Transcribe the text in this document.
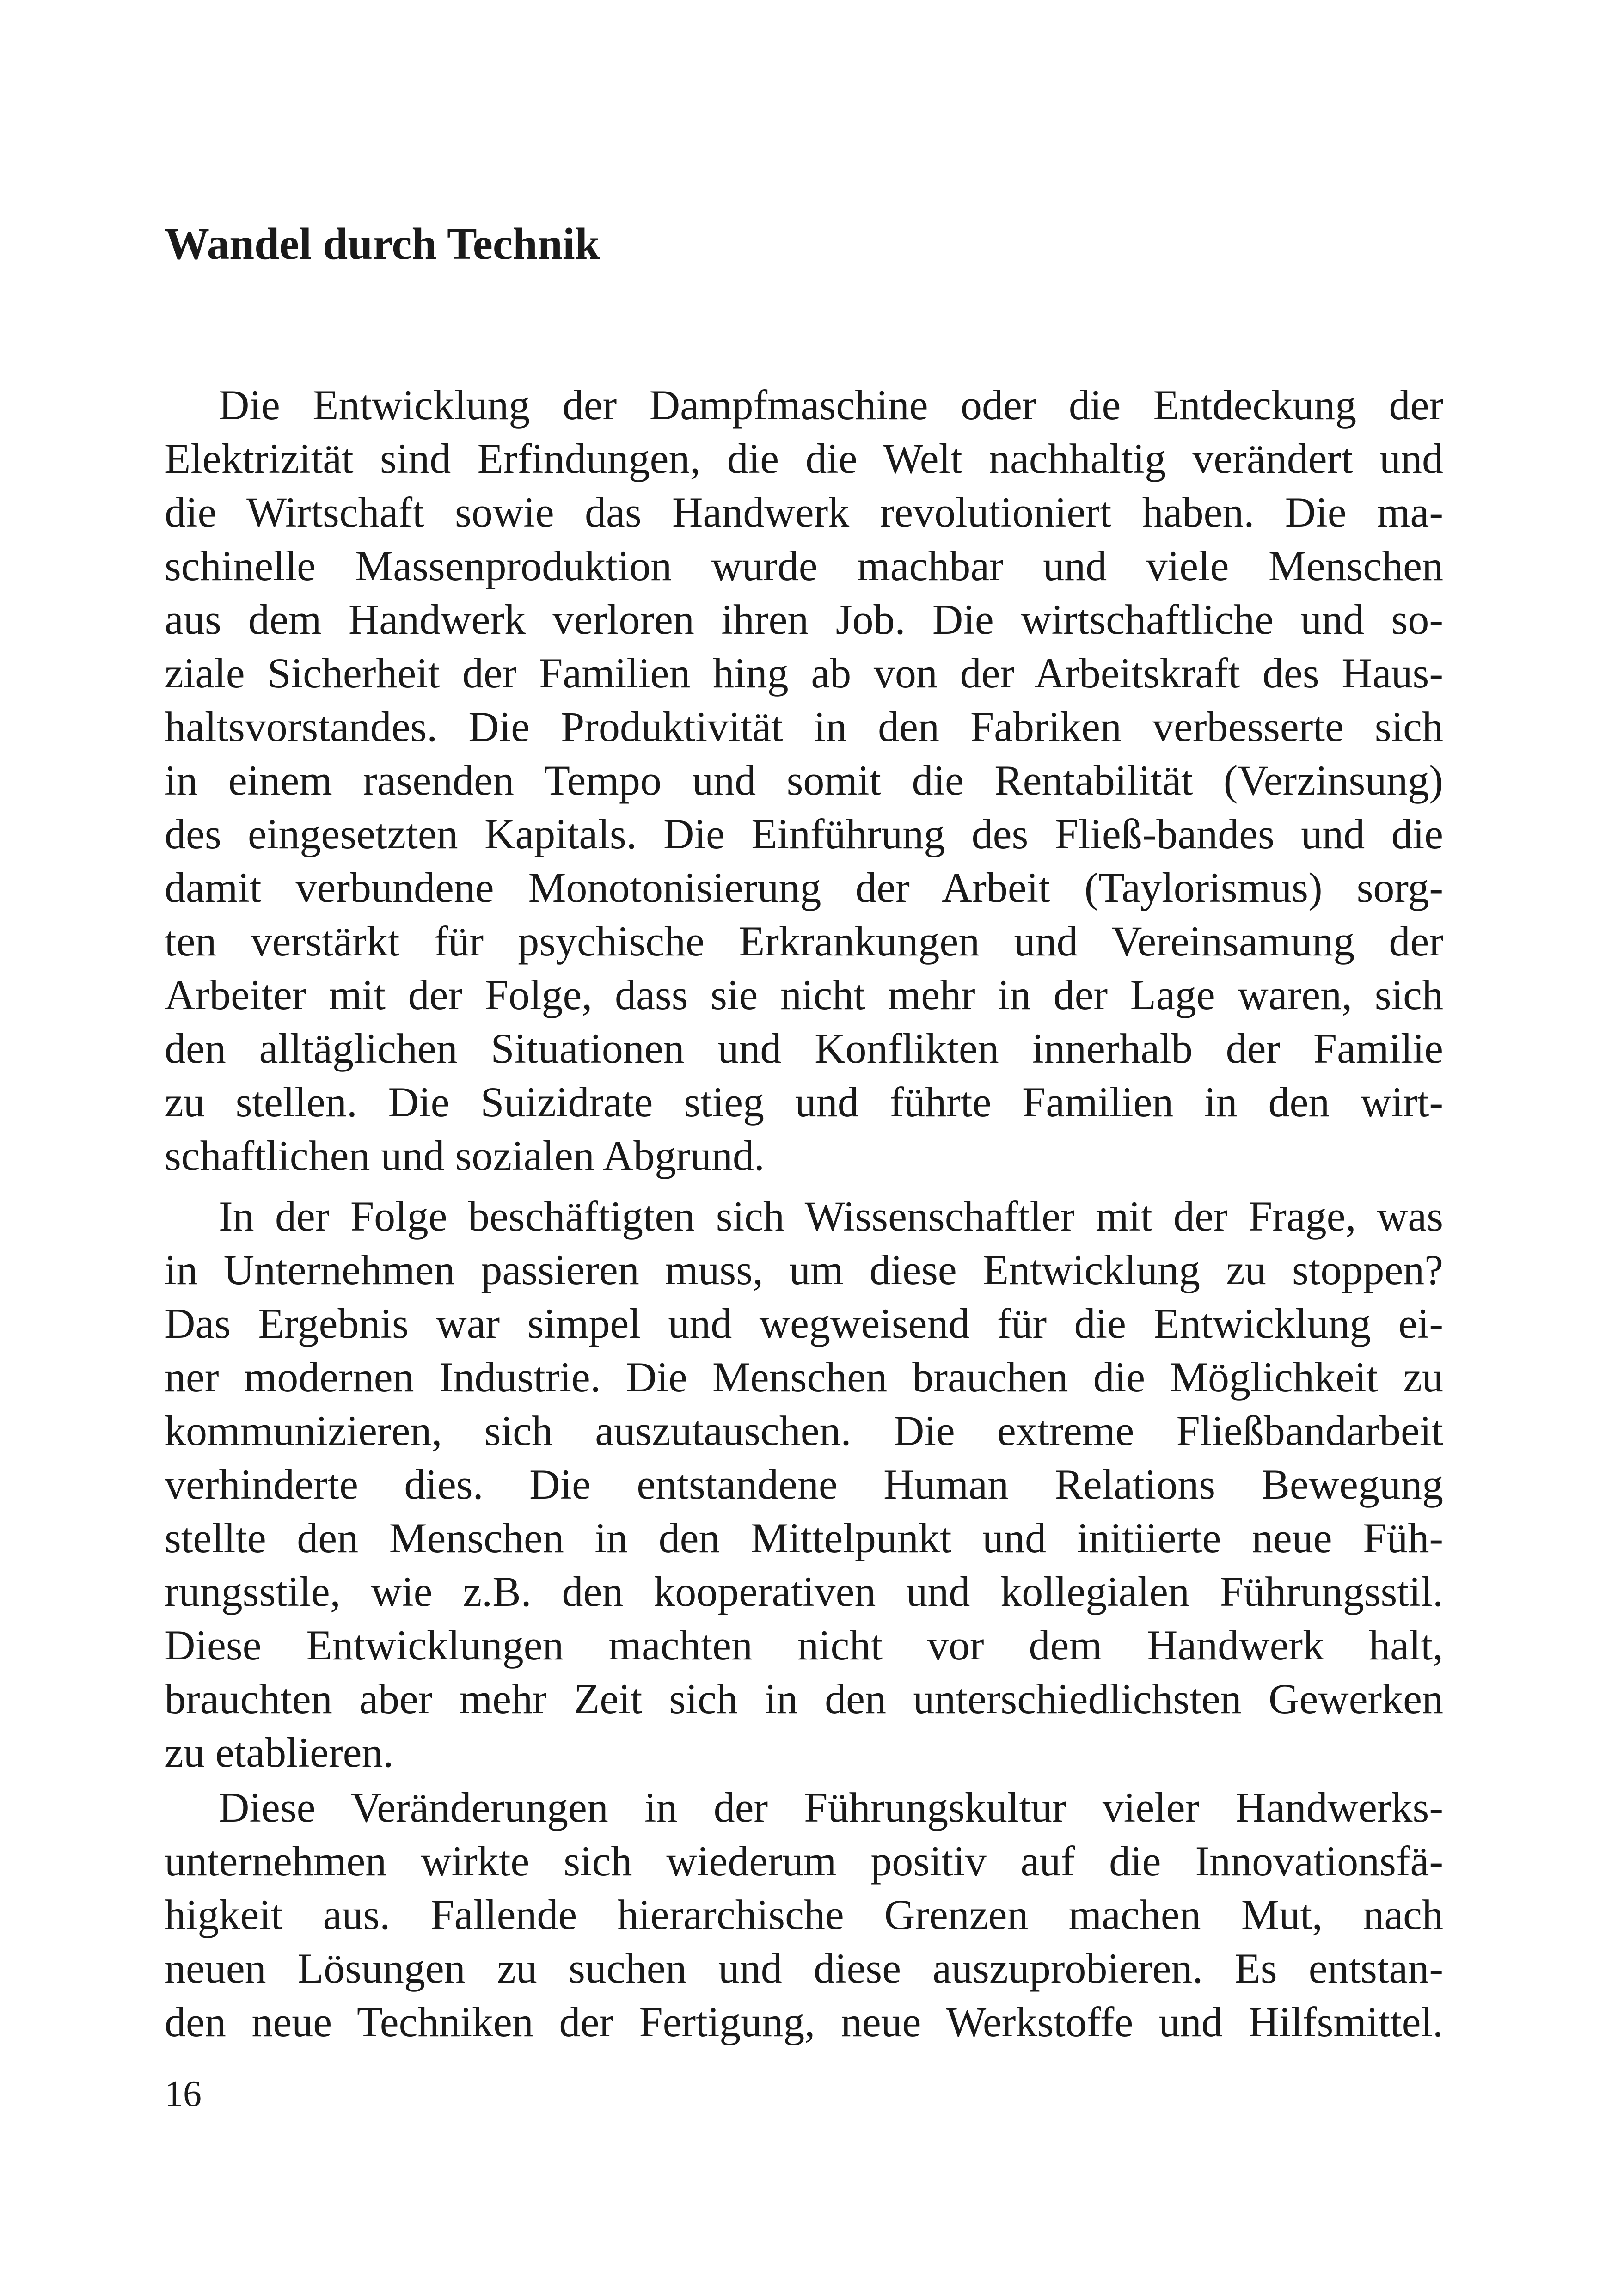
Wandel durch Technik
Die Entwicklung der Dampfmaschine oder die Entdeckung der
Elektrizität sind Erfindungen, die die Welt nachhaltig verändert und
die Wirtschaft sowie das Handwerk revolutioniert haben. Die ma-
schinelle Massenproduktion wurde machbar und viele Menschen
aus dem Handwerk verloren ihren Job. Die wirtschaftliche und so-
ziale Sicherheit der Familien hing ab von der Arbeitskraft des Haus-
haltsvorstandes. Die Produktivität in den Fabriken verbesserte sich
in einem rasenden Tempo und somit die Rentabilität (Verzinsung)
des eingesetzten Kapitals. Die Einführung des Fließ-bandes und die
damit verbundene Monotonisierung der Arbeit (Taylorismus) sorg-
ten verstärkt für psychische Erkrankungen und Vereinsamung der
Arbeiter mit der Folge, dass sie nicht mehr in der Lage waren, sich
den alltäglichen Situationen und Konflikten innerhalb der Familie
zu stellen. Die Suizidrate stieg und führte Familien in den wirt-
schaftlichen und sozialen Abgrund.
In der Folge beschäftigten sich Wissenschaftler mit der Frage, was
in Unternehmen passieren muss, um diese Entwicklung zu stoppen?
Das Ergebnis war simpel und wegweisend für die Entwicklung ei-
ner modernen Industrie. Die Menschen brauchen die Möglichkeit zu
kommunizieren, sich auszutauschen. Die extreme Fließbandarbeit
verhinderte dies. Die entstandene Human Relations Bewegung
stellte den Menschen in den Mittelpunkt und initiierte neue Füh-
rungsstile, wie z.B. den kooperativen und kollegialen Führungsstil.
Diese Entwicklungen machten nicht vor dem Handwerk halt,
brauchten aber mehr Zeit sich in den unterschiedlichsten Gewerken
zu etablieren.
Diese Veränderungen in der Führungskultur vieler Handwerks-
unternehmen wirkte sich wiederum positiv auf die Innovationsfä-
higkeit aus. Fallende hierarchische Grenzen machen Mut, nach
neuen Lösungen zu suchen und diese auszuprobieren. Es entstan-
den neue Techniken der Fertigung, neue Werkstoffe und Hilfsmittel.

16
